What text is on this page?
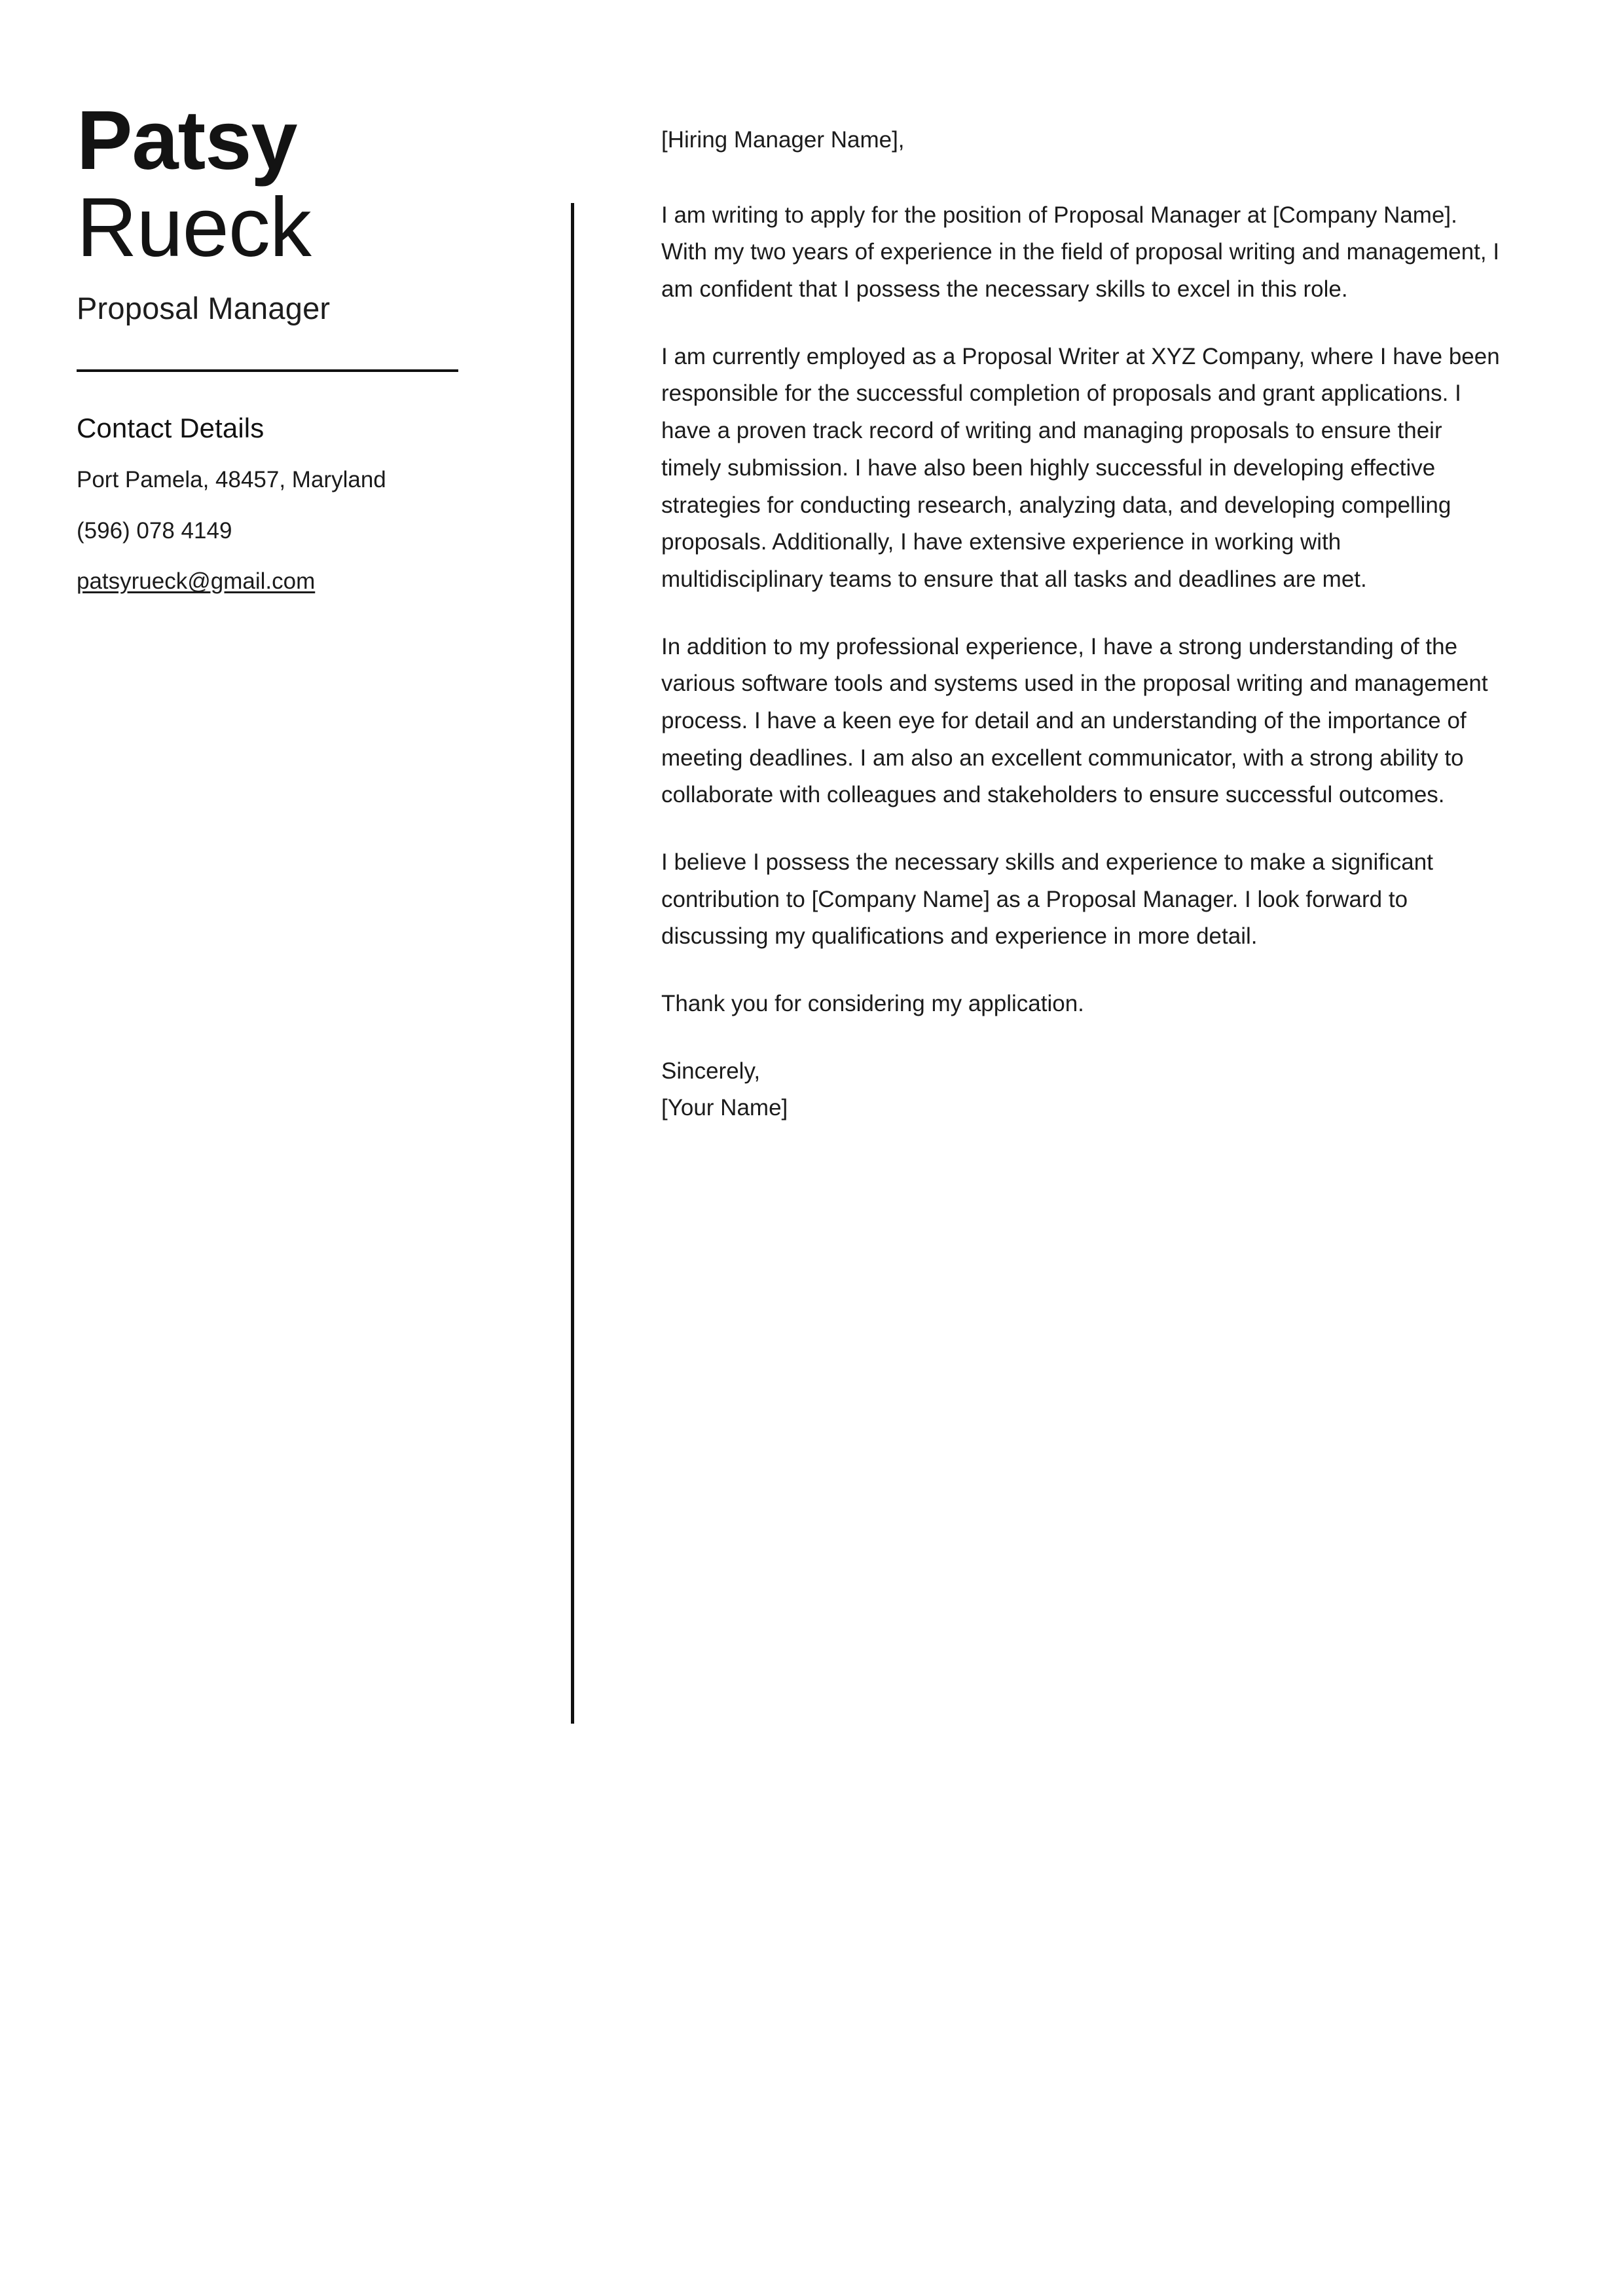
Patsy
Rueck
Proposal Manager
Contact Details
Port Pamela, 48457, Maryland
(596) 078 4149
patsyrueck@gmail.com

[Hiring Manager Name],

I am writing to apply for the position of Proposal Manager at [Company Name]. With my two years of experience in the field of proposal writing and management, I am confident that I possess the necessary skills to excel in this role.

I am currently employed as a Proposal Writer at XYZ Company, where I have been responsible for the successful completion of proposals and grant applications. I have a proven track record of writing and managing proposals to ensure their timely submission. I have also been highly successful in developing effective strategies for conducting research, analyzing data, and developing compelling proposals. Additionally, I have extensive experience in working with multidisciplinary teams to ensure that all tasks and deadlines are met.

In addition to my professional experience, I have a strong understanding of the various software tools and systems used in the proposal writing and management process. I have a keen eye for detail and an understanding of the importance of meeting deadlines. I am also an excellent communicator, with a strong ability to collaborate with colleagues and stakeholders to ensure successful outcomes.

I believe I possess the necessary skills and experience to make a significant contribution to [Company Name] as a Proposal Manager. I look forward to discussing my qualifications and experience in more detail.

Thank you for considering my application.

Sincerely,

[Your Name]
